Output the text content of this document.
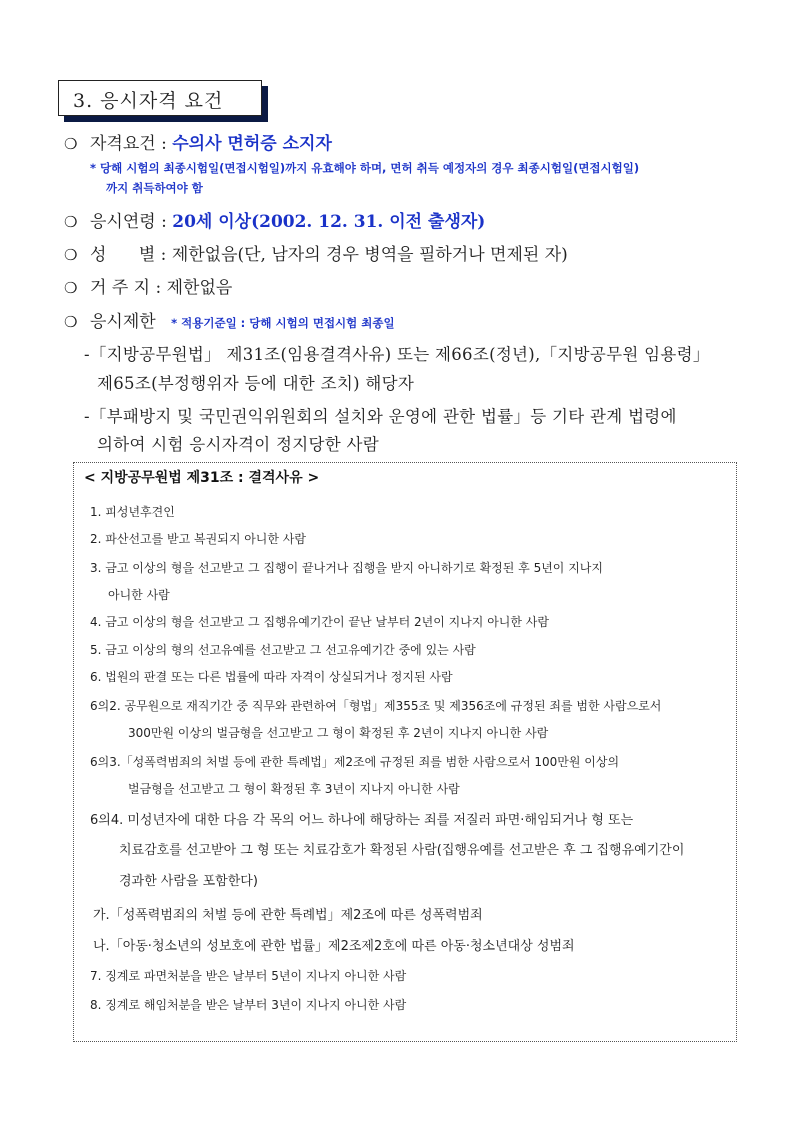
3. 응시자격 요건
❍ 자격요건 : 수의사 면허증 소지자
* 당해 시험의 최종시험일(면접시험일)까지 유효해야 하며, 면허 취득 예정자의 경우 최종시험일(면접시험일)
까지 취득하여야 함
❍ 응시연령 : 20세 이상(2002. 12. 31. 이전 출생자)
❍ 성      별 : 제한없음(단, 남자의 경우 병역을 필하거나 면제된 자)
❍ 거 주 지 : 제한없음
❍ 응시제한 * 적용기준일 : 당해 시험의 면접시험 최종일
-「지방공무원법」 제31조(임용결격사유) 또는 제66조(정년),「지방공무원 임용령」
제65조(부정행위자 등에 대한 조치) 해당자
-「부패방지 및 국민권익위원회의 설치와 운영에 관한 법률」등 기타 관계 법령에
의하여 시험 응시자격이 정지당한 사람
< 지방공무원법 제31조 : 결격사유 >
1. 피성년후견인
2. 파산선고를 받고 복권되지 아니한 사람
3. 금고 이상의 형을 선고받고 그 집행이 끝나거나 집행을 받지 아니하기로 확정된 후 5년이 지나지
아니한 사람
4. 금고 이상의 형을 선고받고 그 집행유예기간이 끝난 날부터 2년이 지나지 아니한 사람
5. 금고 이상의 형의 선고유예를 선고받고 그 선고유예기간 중에 있는 사람
6. 법원의 판결 또는 다른 법률에 따라 자격이 상실되거나 정지된 사람
6의2. 공무원으로 재직기간 중 직무와 관련하여「형법」제355조 및 제356조에 규정된 죄를 범한 사람으로서
300만원 이상의 벌금형을 선고받고 그 형이 확정된 후 2년이 지나지 아니한 사람
6의3.「성폭력범죄의 처벌 등에 관한 특례법」제2조에 규정된 죄를 범한 사람으로서 100만원 이상의
벌금형을 선고받고 그 형이 확정된 후 3년이 지나지 아니한 사람
6의4. 미성년자에 대한 다음 각 목의 어느 하나에 해당하는 죄를 저질러 파면·해임되거나 형 또는
치료감호를 선고받아 그 형 또는 치료감호가 확정된 사람(집행유예를 선고받은 후 그 집행유예기간이
경과한 사람을 포함한다)
가.「성폭력범죄의 처벌 등에 관한 특례법」제2조에 따른 성폭력범죄
나.「아동·청소년의 성보호에 관한 법률」제2조제2호에 따른 아동·청소년대상 성범죄
7. 징계로 파면처분을 받은 날부터 5년이 지나지 아니한 사람
8. 징계로 해임처분을 받은 날부터 3년이 지나지 아니한 사람
